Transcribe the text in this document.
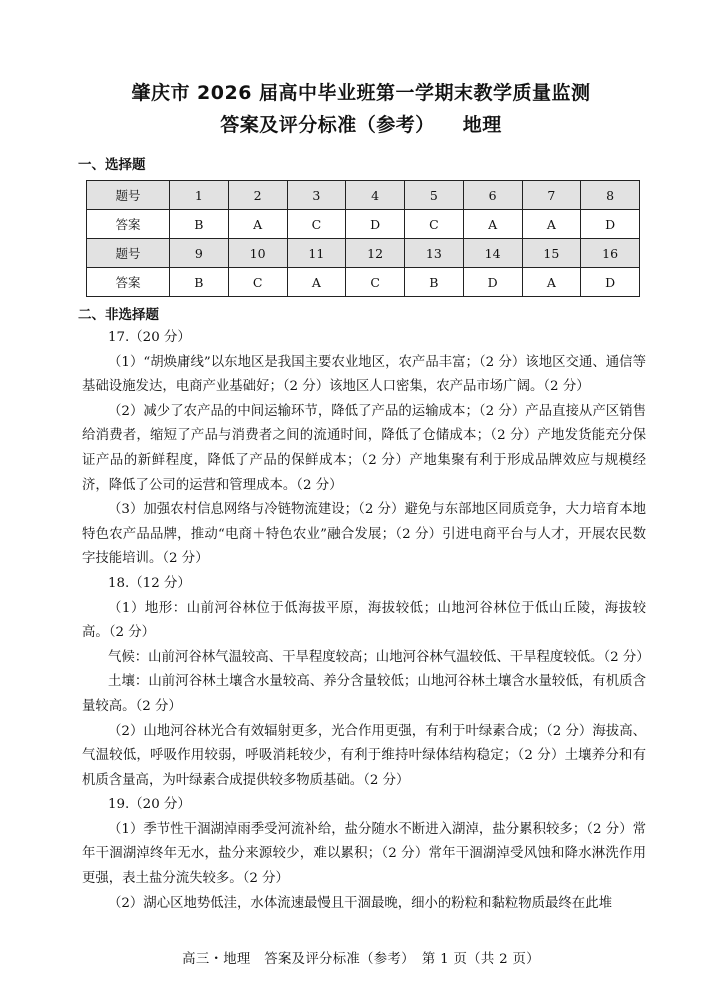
肇庆市 2026 届高中毕业班第一学期末教学质量监测
答案及评分标准（参考） 地理
一、选择题
题号	1	2	3	4	5	6	7	8
答案	B	A	C	D	C	A	A	D
题号	9	10	11	12	13	14	15	16
答案	B	C	A	C	B	D	A	D
二、非选择题

17.（20 分）

（1）“胡焕庸线”以东地区是我国主要农业地区，农产品丰富；（2 分）该地区交通、通信等基础设施发达，电商产业基础好；（2 分）该地区人口密集，农产品市场广阔。（2 分）

（2）减少了农产品的中间运输环节，降低了产品的运输成本；（2 分）产品直接从产区销售给消费者，缩短了产品与消费者之间的流通时间，降低了仓储成本；（2 分）产地发货能充分保证产品的新鲜程度，降低了产品的保鲜成本；（2 分）产地集聚有利于形成品牌效应与规模经济，降低了公司的运营和管理成本。（2 分）

（3）加强农村信息网络与冷链物流建设；（2 分）避免与东部地区同质竞争，大力培育本地特色农产品品牌，推动“电商＋特色农业”融合发展；（2 分）引进电商平台与人才，开展农民数字技能培训。（2 分）

18.（12 分）

（1）地形：山前河谷林位于低海拔平原，海拔较低；山地河谷林位于低山丘陵，海拔较高。（2 分）

气候：山前河谷林气温较高、干旱程度较高；山地河谷林气温较低、干旱程度较低。（2 分）

土壤：山前河谷林土壤含水量较高、养分含量较低；山地河谷林土壤含水量较低，有机质含量较高。（2 分）

（2）山地河谷林光合有效辐射更多，光合作用更强，有利于叶绿素合成；（2 分）海拔高、气温较低，呼吸作用较弱，呼吸消耗较少，有利于维持叶绿体结构稳定；（2 分）土壤养分和有机质含量高，为叶绿素合成提供较多物质基础。（2 分）

19.（20 分）

（1）季节性干涸湖淖雨季受河流补给，盐分随水不断进入湖淖，盐分累积较多；（2 分）常年干涸湖淖终年无水，盐分来源较少，难以累积；（2 分）常年干涸湖淖受风蚀和降水淋洗作用更强，表土盐分流失较多。（2 分）

（2）湖心区地势低洼，水体流速最慢且干涸最晚，细小的粉粒和黏粒物质最终在此堆

高三・地理　答案及评分标准（参考）　第 1 页（共 2 页）
